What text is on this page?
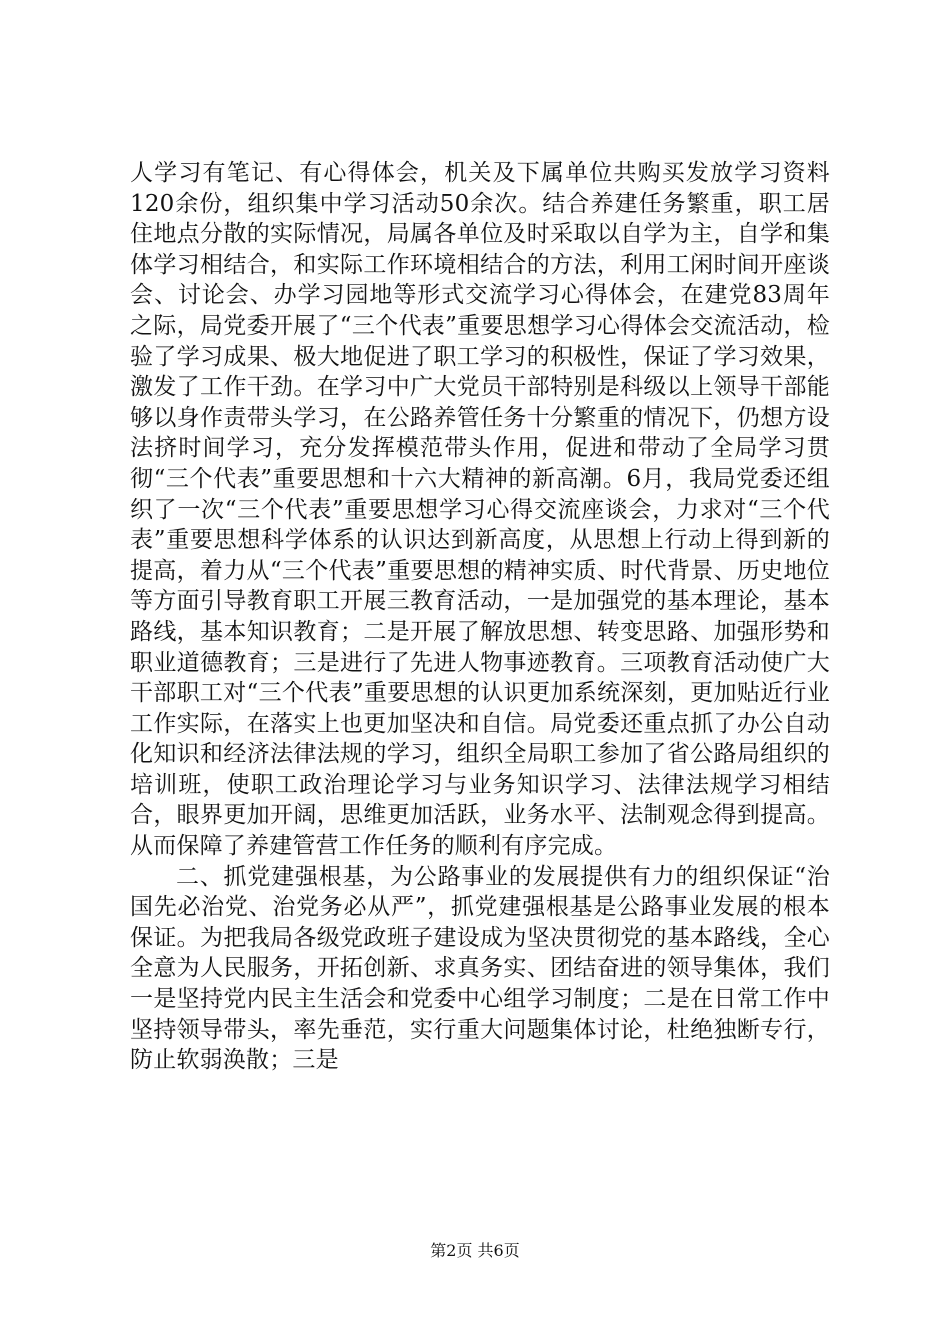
人学习有笔记、有心得体会，机关及下属单位共购买发放学习资料120余份，组织集中学习活动50余次。结合养建任务繁重，职工居住地点分散的实际情况，局属各单位及时采取以自学为主，自学和集体学习相结合，和实际工作环境相结合的方法，利用工闲时间开座谈会、讨论会、办学习园地等形式交流学习心得体会，在建党83周年之际，局党委开展了“三个代表”重要思想学习心得体会交流活动，检验了学习成果、极大地促进了职工学习的积极性，保证了学习效果，激发了工作干劲。在学习中广大党员干部特别是科级以上领导干部能够以身作责带头学习，在公路养管任务十分繁重的情况下，仍想方设法挤时间学习，充分发挥模范带头作用，促进和带动了全局学习贯彻“三个代表”重要思想和十六大精神的新高潮。6月，我局党委还组织了一次“三个代表”重要思想学习心得交流座谈会，力求对“三个代表”重要思想科学体系的认识达到新高度，从思想上行动上得到新的提高，着力从“三个代表”重要思想的精神实质、时代背景、历史地位等方面引导教育职工开展三教育活动，一是加强党的基本理论，基本路线，基本知识教育；二是开展了解放思想、转变思路、加强形势和职业道德教育；三是进行了先进人物事迹教育。三项教育活动使广大干部职工对“三个代表”重要思想的认识更加系统深刻，更加贴近行业工作实际，在落实上也更加坚决和自信。局党委还重点抓了办公自动化知识和经济法律法规的学习，组织全局职工参加了省公路局组织的培训班，使职工政治理论学习与业务知识学习、法律法规学习相结合，眼界更加开阔，思维更加活跃，业务水平、法制观念得到提高。从而保障了养建管营工作任务的顺利有序完成。

二、抓党建强根基，为公路事业的发展提供有力的组织保证“治国先必治党、治党务必从严”，抓党建强根基是公路事业发展的根本保证。为把我局各级党政班子建设成为坚决贯彻党的基本路线，全心全意为人民服务，开拓创新、求真务实、团结奋进的领导集体，我们一是坚持党内民主生活会和党委中心组学习制度；二是在日常工作中坚持领导带头，率先垂范，实行重大问题集体讨论，杜绝独断专行，防止软弱涣散；三是

第2页 共6页
